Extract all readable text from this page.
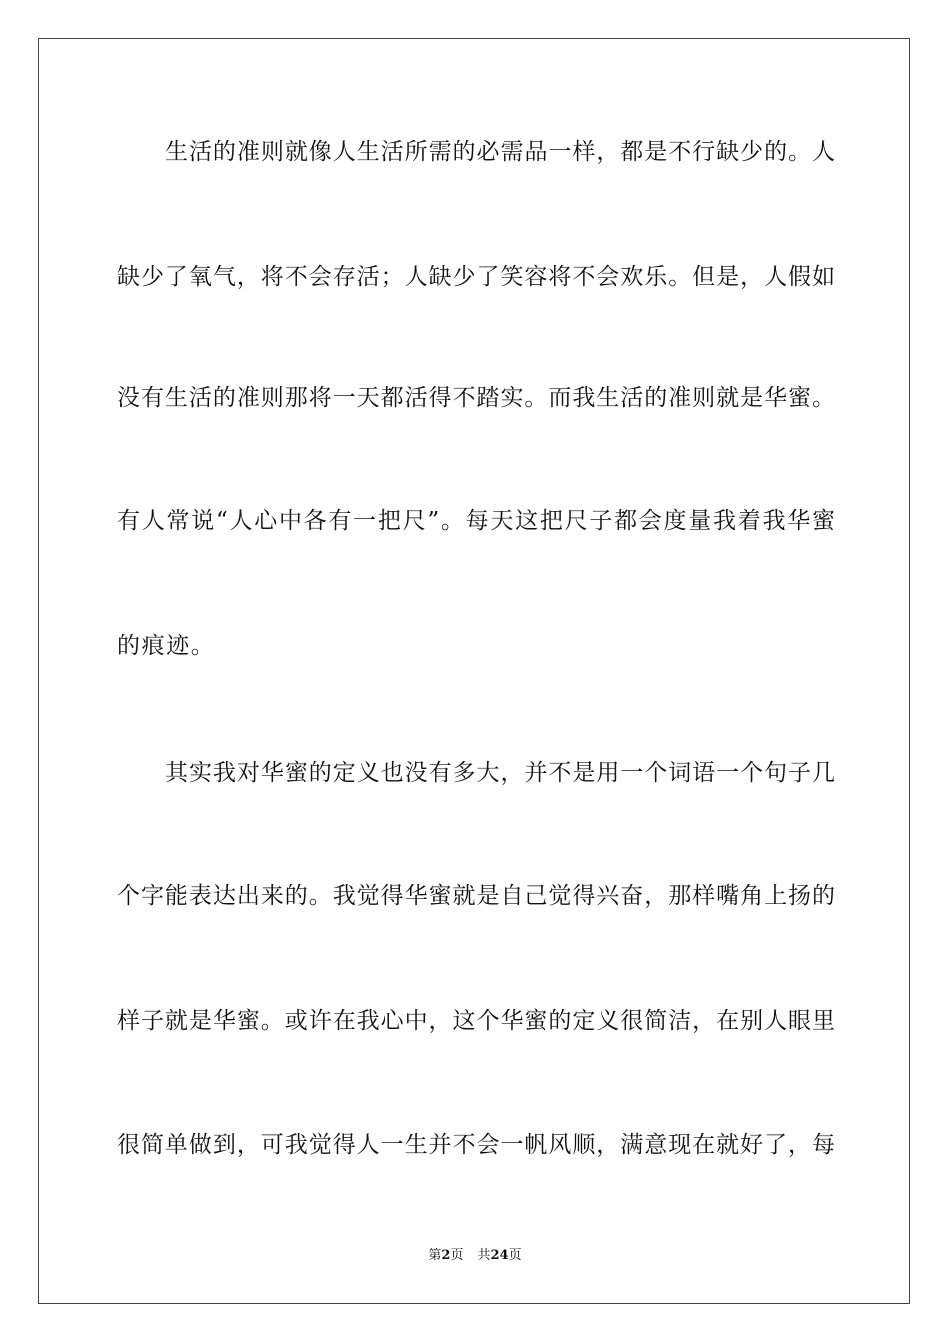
生活的准则就像人生活所需的必需品一样，都是不行缺少的。人
缺少了氧气，将不会存活；人缺少了笑容将不会欢乐。但是，人假如
没有生活的准则那将一天都活得不踏实。而我生活的准则就是华蜜。
有人常说“人心中各有一把尺”。每天这把尺子都会度量我着我华蜜
的痕迹。
其实我对华蜜的定义也没有多大，并不是用一个词语一个句子几
个字能表达出来的。我觉得华蜜就是自己觉得兴奋，那样嘴角上扬的
样子就是华蜜。或许在我心中，这个华蜜的定义很简洁，在别人眼里
很简单做到，可我觉得人一生并不会一帆风顺，满意现在就好了，每
第2页 共24页
